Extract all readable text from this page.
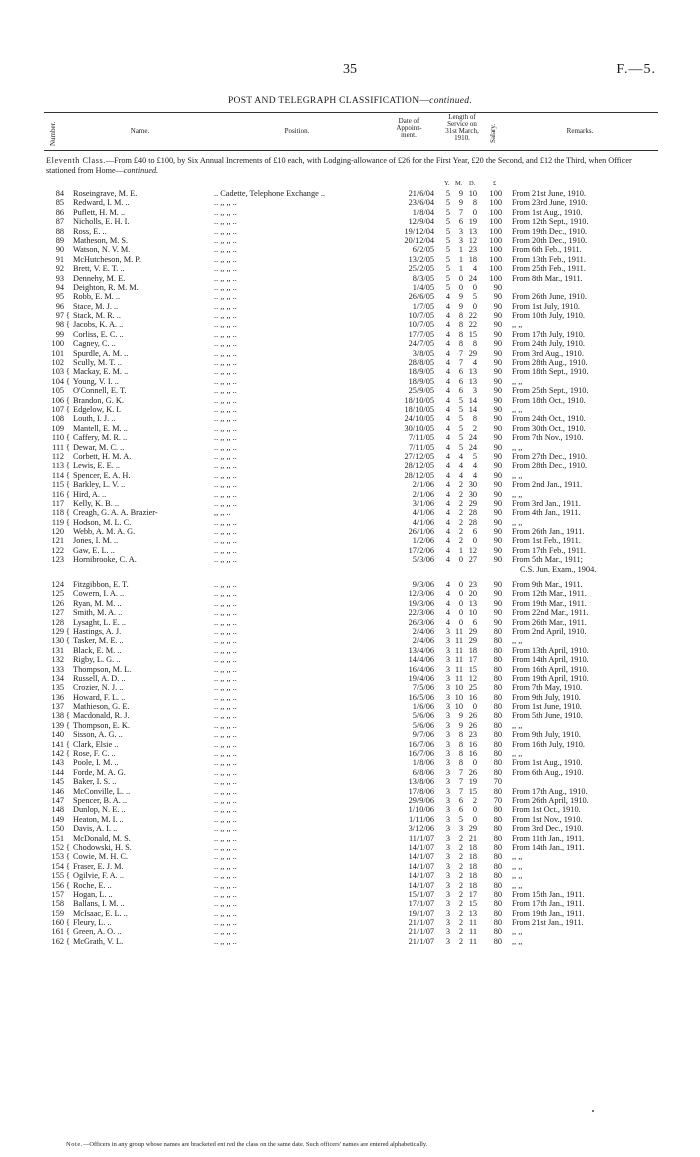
35	F.—5.
POST AND TELEGRAPH CLASSIFICATION—continued.
Number.	Name.	Position.
Date of
Appoint-
ment.
Length of
Service on
31st March,
1910.	Salary.	Remarks.
Eleventh Class.—From £40 to £100, by Six Annual Increments of £10 each, with Lodging-allowance of £26 for the First Year, £20 the Second, and £12 the Third, when Officer stationed from Home—continued.
Y. M. D.	£
84 Roseingrave, M. E.	.. Cadette, Telephone Exchange ..	21/6/04	5	9 10	100 From 21st June, 1910.
85 Redward, I. M. ..	.. ,, ,, ..	23/6/04	5	9	8	100 From 23rd June, 1910.
86 Puflett, H. M. ..	.. ,, ,, ..	1/8/04	5	7	0	100 From 1st Aug., 1910.
87 Nicholls, E. H. I.	.. ,, ,, ..	12/9/04	5	6 19	100 From 12th Sept., 1910.
88 Ross, E. ..	.. ,, ,, ..	19/12/04	5	3 13	100 From 19th Dec., 1910.
89 Matheson, M. S.	.. ,, ,, ..	20/12/04	5	3 12	100 From 20th Dec., 1910.
90 Watson, N. V. M.	.. ,, ,, ..	6/2/05	5	1 23	100 From 6th Feb., 1911.
91 McHutcheson, M. P.	.. ,, ,, ..	13/2/05	5	1 18	100 From 13th Feb., 1911.
92 Brett, V. E. T. ..	.. ,, ,, ..	25/2/05	5	1	4	100 From 25th Feb., 1911.
93 Dennehy, M. E.	.. ,, ,, ..	8/3/05	5	0 24	100 From 8th Mar., 1911.
94 Deighton, R. M. M.	.. ,, ,, ..	1/4/05	5	0	0	90
95 Robb, E. M. ..	.. ,, ,, ..	26/6/05	4	9	5	90 From 26th June, 1910.
96 Stace, M. J. ..	.. ,, ,, ..	1/7/05	4	9	0	90 From 1st July, 1910.
97 { Stack, M. R. ..	.. ,, ,, ..	10/7/05	4	8 22	90 From 10th July, 1910.
98 { Jacobs, K. A. ..	.. ,, ,, ..	10/7/05	4	8 22	90 ,, ,,
99 Corliss, E. C. ..	.. ,, ,, ..	17/7/05	4	8 15	90 From 17th July, 1910.
100 Cagney, C. ..	.. ,, ,, ..	24/7/05	4	8	8	90 From 24th July, 1910.
101 Spurdle, A. M. ..	.. ,, ,, ..	3/8/05	4	7 29	90 From 3rd Aug., 1910.
102 Scully, M. T. ..	.. ,, ,, ..	28/8/05	4	7	4	90 From 28th Aug., 1910.
103 { Mackay, E. M. ..	.. ,, ,, ..	18/9/05	4	6 13	90 From 18th Sept., 1910.
104 { Young, V. I. ..	.. ,, ,, ..	18/9/05	4	6 13	90 ,, ,,
105 O'Connell, E. T.	.. ,, ,, ..	25/9/05	4	6	3	90 From 25th Sept., 1910.
106 { Brandon, G. K.	.. ,, ,, ..	18/10/05	4	5 14	90 From 18th Oct., 1910.
107 { Edgelow, K. I.	.. ,, ,, ..	18/10/05	4	5 14	90 ,, ,,
108 Louth, I. J. ..	.. ,, ,, ..	24/10/05	4	5	8	90 From 24th Oct., 1910.
109 Mantell, E. M. ..	.. ,, ,, ..	30/10/05	4	5	2	90 From 30th Oct., 1910.
110 { Caffery, M. R. ..	.. ,, ,, ..	7/11/05	4	5 24	90 From 7th Nov., 1910.
111 { Dewar, M. C. ..	.. ,, ,, ..	7/11/05	4	5 24	90 ,, ,,
112 Corbett, H. M. A.	.. ,, ,, ..	27/12/05	4	4	5	90 From 27th Dec., 1910.
113 { Lewis, E. E. ..	.. ,, ,, ..	28/12/05	4	4	4	90 From 28th Dec., 1910.
114 { Spencer, E. A. H.	.. ,, ,, ..	28/12/05	4	4	4	90 ,, ,,
115 { Barkley, L. V. ..	.. ,, ,, ..	2/1/06	4	2 30	90 From 2nd Jan., 1911.
116 { Hird, A. ..	.. ,, ,, ..	2/1/06	4	2 30	90 ,, ,,
117 Kelly, K. B. ..	.. ,, ,, ..	3/1/06	4	2 29	90 From 3rd Jan., 1911.
118 { Creagh, G. A. A. Brazier-	,, ,, ..	4/1/06	4	2 28	90 From 4th Jan., 1911.
119 { Hodson, M. L. C.	.. ,, ,, ..	4/1/06	4	2 28	90 ,, ,,
120 Webb, A. M. A. G.	.. ,, ,, ..	26/1/06	4	2	6	90 From 26th Jan., 1911.
121 Jones, I. M. ..	.. ,, ,, ..	1/2/06	4	2	0	90 From 1st Feb., 1911.
122 Gaw, E. L. ..	.. ,, ,, ..	17/2/06	4	1 12	90 From 17th Feb., 1911.
123 Hornibrooke, C. A.	.. ,, ,, ..	5/3/06	4	0 27	90 From 5th Mar., 1911;
C.S. Jun. Exam., 1904.
124 Fitzgibbon, E. T.	.. ,, ,, ..	9/3/06	4	0 23	90 From 9th Mar., 1911.
125 Cowern, I. A. ..	.. ,, ,, ..	12/3/06	4	0 20	90 From 12th Mar., 1911.
126 Ryan, M. M. ..	.. ,, ,, ..	19/3/06	4	0 13	90 From 19th Mar., 1911.
127 Smith, M. A. ..	.. ,, ,, ..	22/3/06	4	0 10	90 From 22nd Mar., 1911.
128 Lysaght, L. E. ..	.. ,, ,, ..	26/3/06	4	0	6	90 From 26th Mar., 1911.
129 { Hastings, A. J.	.. ,, ,, ..	2/4/06	3 11 29	80 From 2nd April, 1910.
130 { Tasker, M. E. ..	.. ,, ,, ..	2/4/06	3 11 29	80 ,, ,,
131 Black, E. M. ..	.. ,, ,, ..	13/4/06	3 11 18	80 From 13th April, 1910.
132 Rigby, L. G. ..	.. ,, ,, ..	14/4/06	3 11 17	80 From 14th April, 1910.
133 Thompson, M. L.	.. ,, ,, ..	16/4/06	3 11 15	80 From 16th April, 1910.
134 Russell, A. D. ..	.. ,, ,, ..	19/4/06	3 11 12	80 From 19th April, 1910.
135 Crozier, N. J. ..	.. ,, ,, ..	7/5/06	3 10 25	80 From 7th May, 1910.
136 Howard, F. L. ..	.. ,, ,, ..	16/5/06	3 10 16	80 From 9th July, 1910.
137 Mathieson, G. E.	.. ,, ,, ..	1/6/06	3 10	0	80 From 1st June, 1910.
138 { Macdonald, R. J.	.. ,, ,, ..	5/6/06	3	9 26	80 From 5th June, 1910.
139 { Thompson, E. K.	.. ,, ,, ..	5/6/06	3	9 26	80 ,, ,,
140 Sisson, A. G. ..	.. ,, ,, ..	9/7/06	3	8 23	80 From 9th July, 1910.
141 { Clark, Elsie ..	.. ,, ,, ..	16/7/06	3	8 16	80 From 16th July, 1910.
142 { Rose, F. C. ..	.. ,, ,, ..	16/7/06	3	8 16	80 ,, ,,
143 Poole, I. M. ..	.. ,, ,, ..	1/8/06	3	8	0	80 From 1st Aug., 1910.
144 Forde, M. A. G.	.. ,, ,, ..	6/8/06	3	7 26	80 From 6th Aug., 1910.
145 Baker, I. S. ..	.. ,, ,, ..	13/8/06	3	7 19	70
146 McConville, L. ..	.. ,, ,, ..	17/8/06	3	7 15	80 From 17th Aug., 1910.
147 Spencer, B. A. ..	.. ,, ,, ..	29/9/06	3	6	2	70 From 26th April, 1910.
148 Dunlop, N. E. ..	.. ,, ,, ..	1/10/06	3	6	0	80 From 1st Oct., 1910.
149 Heaton, M. I. ..	.. ,, ,, ..	1/11/06	3	5	0	80 From 1st Nov., 1910.
150 Davis, A. I. ..	.. ,, ,, ..	3/12/06	3	3 29	80 From 3rd Dec., 1910.
151 McDonald, M. S.	.. ,, ,, ..	11/1/07	3	2 21	80 From 11th Jan., 1911.
152 { Chodowski, H. S.	.. ,, ,, ..	14/1/07	3	2 18	80 From 14th Jan., 1911.
153 { Cowie, M. H. C.	.. ,, ,, ..	14/1/07	3	2 18	80 ,, ,,
154 { Fraser, E. J. M.	.. ,, ,, ..	14/1/07	3	2 18	80 ,, ,,
155 { Ogilvie, F. A. ..	.. ,, ,, ..	14/1/07	3	2 18	80 ,, ,,
156 { Roche, E. ..	.. ,, ,, ..	14/1/07	3	2 18	80 ,, ,,
157 Hogan, L. ..	.. ,, ,, ..	15/1/07	3	2 17	80 From 15th Jan., 1911.
158 Ballans, I. M. ..	.. ,, ,, ..	17/1/07	3	2 15	80 From 17th Jan., 1911.
159 McIsaac, E. L. ..	.. ,, ,, ..	19/1/07	3	2 13	80 From 19th Jan., 1911.
160 { Fleury, L. ..	.. ,, ,, ..	21/1/07	3	2 11	80 From 21st Jan., 1911.
161 { Green, A. O. ..	.. ,, ,, ..	21/1/07	3	2 11	80 ,, ,,
162 { McGrath, V. L.	.. ,, ,, ..	21/1/07	3	2 11	80 ,, ,,
Note.—Officers in any group whose names are bracketed ent red the class on the same date. Such officers' names are entered alphabetically.
